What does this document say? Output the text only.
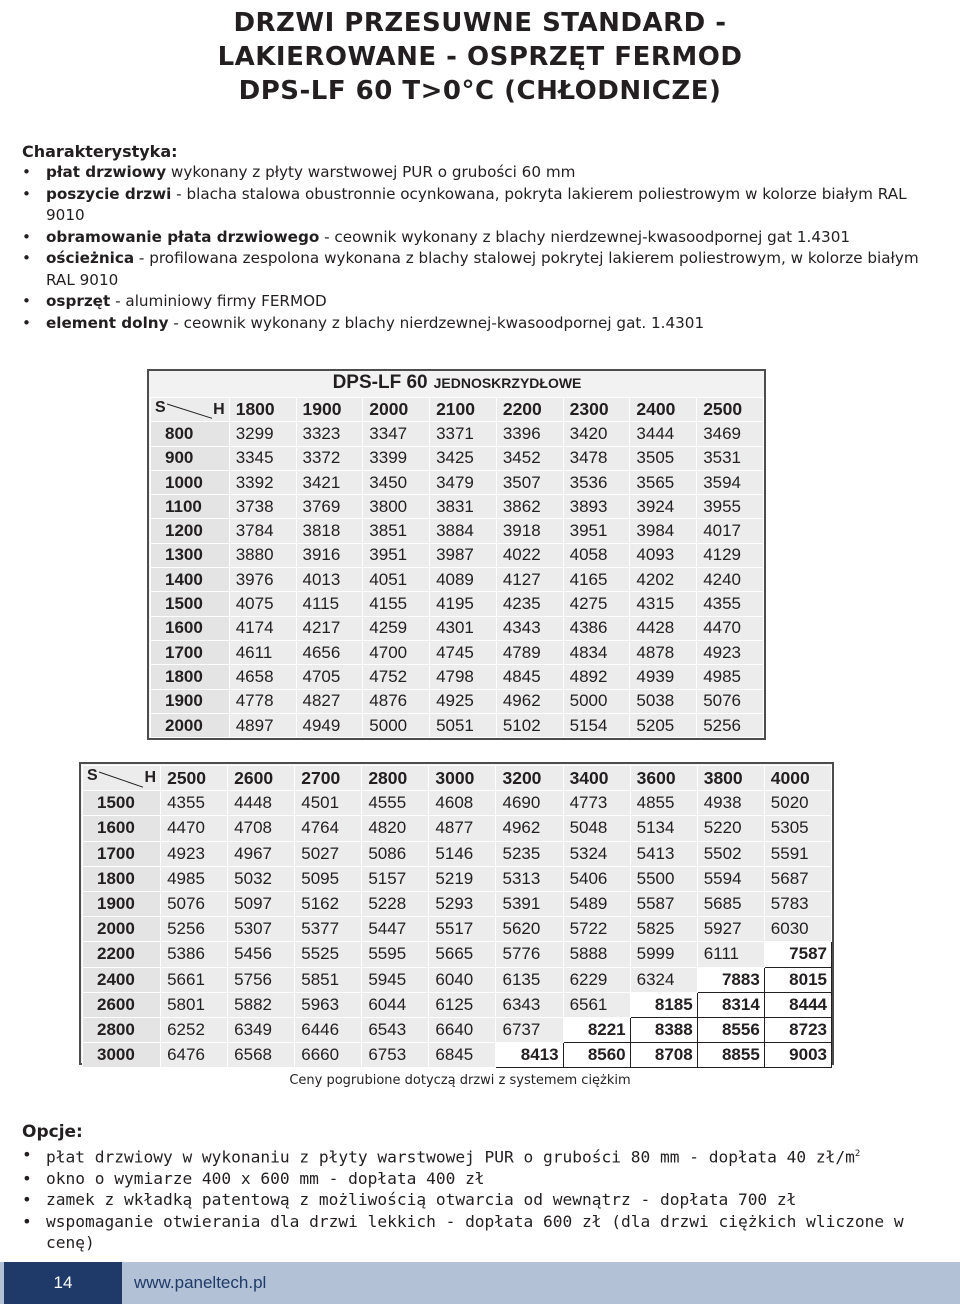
DRZWI PRZESUWNE STANDARD -
LAKIEROWANE - OSPRZĘT FERMOD
DPS-LF 60 T>0°C (CHŁODNICZE)
Charakterystyka:
• płat drzwiowy wykonany z płyty warstwowej PUR o grubości 60 mm
• poszycie drzwi - blacha stalowa obustronnie ocynkowana, pokryta lakierem poliestrowym w kolorze białym RAL 9010
• obramowanie płata drzwiowego - ceownik wykonany z blachy nierdzewnej-kwasoodpornej gat 1.4301
• ościeżnica - profilowana zespolona wykonana z blachy stalowej pokrytej lakierem poliestrowym, w kolorze białym RAL 9010
• osprzęt - aluminiowy firmy FERMOD
• element dolny - ceownik wykonany z blachy nierdzewnej-kwasoodpornej gat. 1.4301
DPS-LF 60 JEDNOSKRZYDŁOWE
S H	1800	1900	2000	2100	2200	2300	2400	2500
800	3299	3323	3347	3371	3396	3420	3444	3469
900	3345	3372	3399	3425	3452	3478	3505	3531
1000	3392	3421	3450	3479	3507	3536	3565	3594
1100	3738	3769	3800	3831	3862	3893	3924	3955
1200	3784	3818	3851	3884	3918	3951	3984	4017
1300	3880	3916	3951	3987	4022	4058	4093	4129
1400	3976	4013	4051	4089	4127	4165	4202	4240
1500	4075	4115	4155	4195	4235	4275	4315	4355
1600	4174	4217	4259	4301	4343	4386	4428	4470
1700	4611	4656	4700	4745	4789	4834	4878	4923
1800	4658	4705	4752	4798	4845	4892	4939	4985
1900	4778	4827	4876	4925	4962	5000	5038	5076
2000	4897	4949	5000	5051	5102	5154	5205	5256
S H	2500	2600	2700	2800	3000	3200	3400	3600	3800	4000
1500	4355	4448	4501	4555	4608	4690	4773	4855	4938	5020
1600	4470	4708	4764	4820	4877	4962	5048	5134	5220	5305
1700	4923	4967	5027	5086	5146	5235	5324	5413	5502	5591
1800	4985	5032	5095	5157	5219	5313	5406	5500	5594	5687
1900	5076	5097	5162	5228	5293	5391	5489	5587	5685	5783
2000	5256	5307	5377	5447	5517	5620	5722	5825	5927	6030
2200	5386	5456	5525	5595	5665	5776	5888	5999	6111	7587
2400	5661	5756	5851	5945	6040	6135	6229	6324	7883	8015
2600	5801	5882	5963	6044	6125	6343	6561	8185	8314	8444
2800	6252	6349	6446	6543	6640	6737	8221	8388	8556	8723
3000	6476	6568	6660	6753	6845	8413	8560	8708	8855	9003
Ceny pogrubione dotyczą drzwi z systemem ciężkim
Opcje:
• płat drzwiowy w wykonaniu z płyty warstwowej PUR o grubości 80 mm - dopłata 40 $zł/m^2$
• okno o wymiarze 400 x 600 mm - dopłata 400 zł
• zamek z wkładką patentową z możliwością otwarcia od wewnątrz - dopłata 700 zł
• wspomaganie otwierania dla drzwi lekkich - dopłata 600 zł (dla drzwi ciężkich wliczone w cenę)
14	www.paneltech.pl
